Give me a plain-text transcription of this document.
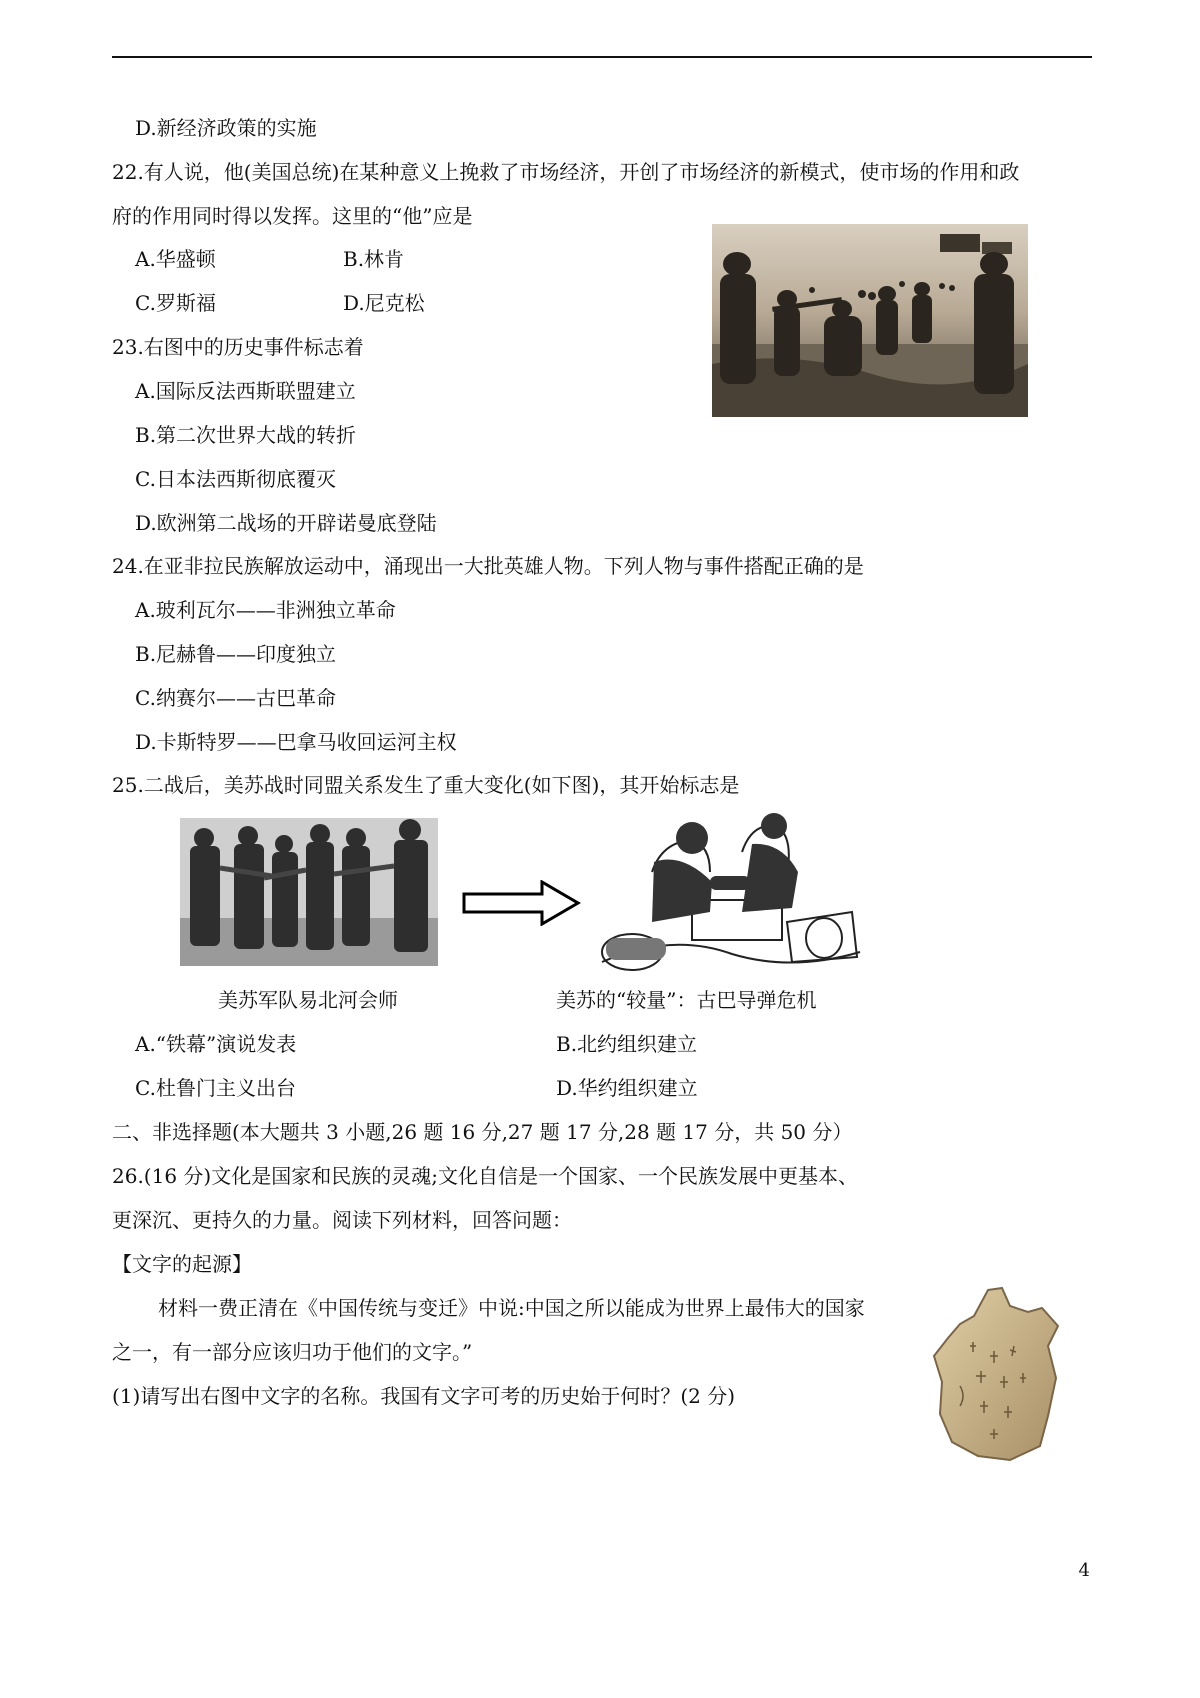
D.新经济政策的实施
22.有人说，他(美国总统)在某种意义上挽救了市场经济，开创了市场经济的新模式，使市场的作用和政
府的作用同时得以发挥。这里的“他”应是
A.华盛顿	B.林肯
C.罗斯福	D.尼克松
23.右图中的历史事件标志着
A.国际反法西斯联盟建立
B.第二次世界大战的转折
C.日本法西斯彻底覆灭
D.欧洲第二战场的开辟诺曼底登陆
24.在亚非拉民族解放运动中，涌现出一大批英雄人物。下列人物与事件搭配正确的是
A.玻利瓦尔——非洲独立革命
B.尼赫鲁——印度独立
C.纳赛尔——古巴革命
D.卡斯特罗——巴拿马收回运河主权
25.二战后，美苏战时同盟关系发生了重大变化(如下图)，其开始标志是
美苏军队易北河会师	美苏的“较量”：古巴导弹危机
A.“铁幕”演说发表	B.北约组织建立
C.杜鲁门主义出台	D.华约组织建立
二、非选择题(本大题共 3 小题,26 题 16 分,27 题 17 分,28 题 17 分，共 50 分）
26.(16 分)文化是国家和民族的灵魂;文化自信是一个国家、一个民族发展中更基本、
更深沉、更持久的力量。阅读下列材料，回答问题：
【文字的起源】
材料一费正清在《中国传统与变迁》中说:中国之所以能成为世界上最伟大的国家
之一，有一部分应该归功于他们的文字。”
(1)请写出右图中文字的名称。我国有文字可考的历史始于何时？(2 分)
4
